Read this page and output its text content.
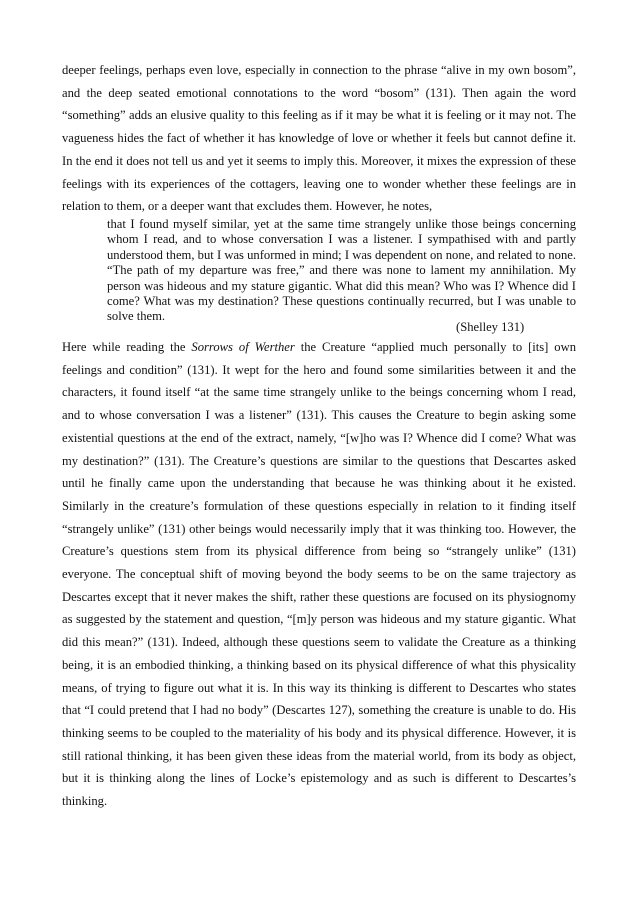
deeper feelings, perhaps even love, especially in connection to the phrase “alive in my own bosom”, and the deep seated emotional connotations to the word “bosom” (131). Then again the word “something” adds an elusive quality to this feeling as if it may be what it is feeling or it may not. The vagueness hides the fact of whether it has knowledge of love or whether it feels but cannot define it. In the end it does not tell us and yet it seems to imply this. Moreover, it mixes the expression of these feelings with its experiences of the cottagers, leaving one to wonder whether these feelings are in relation to them, or a deeper want that excludes them. However, he notes,

that I found myself similar, yet at the same time strangely unlike those beings concerning whom I read, and to whose conversation I was a listener. I sympathised with and partly understood them, but I was unformed in mind; I was dependent on none, and related to none. “The path of my departure was free,” and there was none to lament my annihilation. My person was hideous and my stature gigantic. What did this mean? Who was I? Whence did I come? What was my destination? These questions continually recurred, but I was unable to solve them.

(Shelley 131)

Here while reading the Sorrows of Werther the Creature “applied much personally to [its] own feelings and condition” (131). It wept for the hero and found some similarities between it and the characters, it found itself “at the same time strangely unlike to the beings concerning whom I read, and to whose conversation I was a listener” (131). This causes the Creature to begin asking some existential questions at the end of the extract, namely, “[w]ho was I? Whence did I come? What was my destination?” (131). The Creature’s questions are similar to the questions that Descartes asked until he finally came upon the understanding that because he was thinking about it he existed. Similarly in the creature’s formulation of these questions especially in relation to it finding itself “strangely unlike” (131) other beings would necessarily imply that it was thinking too. However, the Creature’s questions stem from its physical difference from being so “strangely unlike” (131) everyone. The conceptual shift of moving beyond the body seems to be on the same trajectory as Descartes except that it never makes the shift, rather these questions are focused on its physiognomy as suggested by the statement and question, “[m]y person was hideous and my stature gigantic. What did this mean?” (131). Indeed, although these questions seem to validate the Creature as a thinking being, it is an embodied thinking, a thinking based on its physical difference of what this physicality means, of trying to figure out what it is. In this way its thinking is different to Descartes who states that “I could pretend that I had no body” (Descartes 127), something the creature is unable to do. His thinking seems to be coupled to the materiality of his body and its physical difference. However, it is still rational thinking, it has been given these ideas from the material world, from its body as object, but it is thinking along the lines of Locke’s epistemology and as such is different to Descartes’s thinking.
